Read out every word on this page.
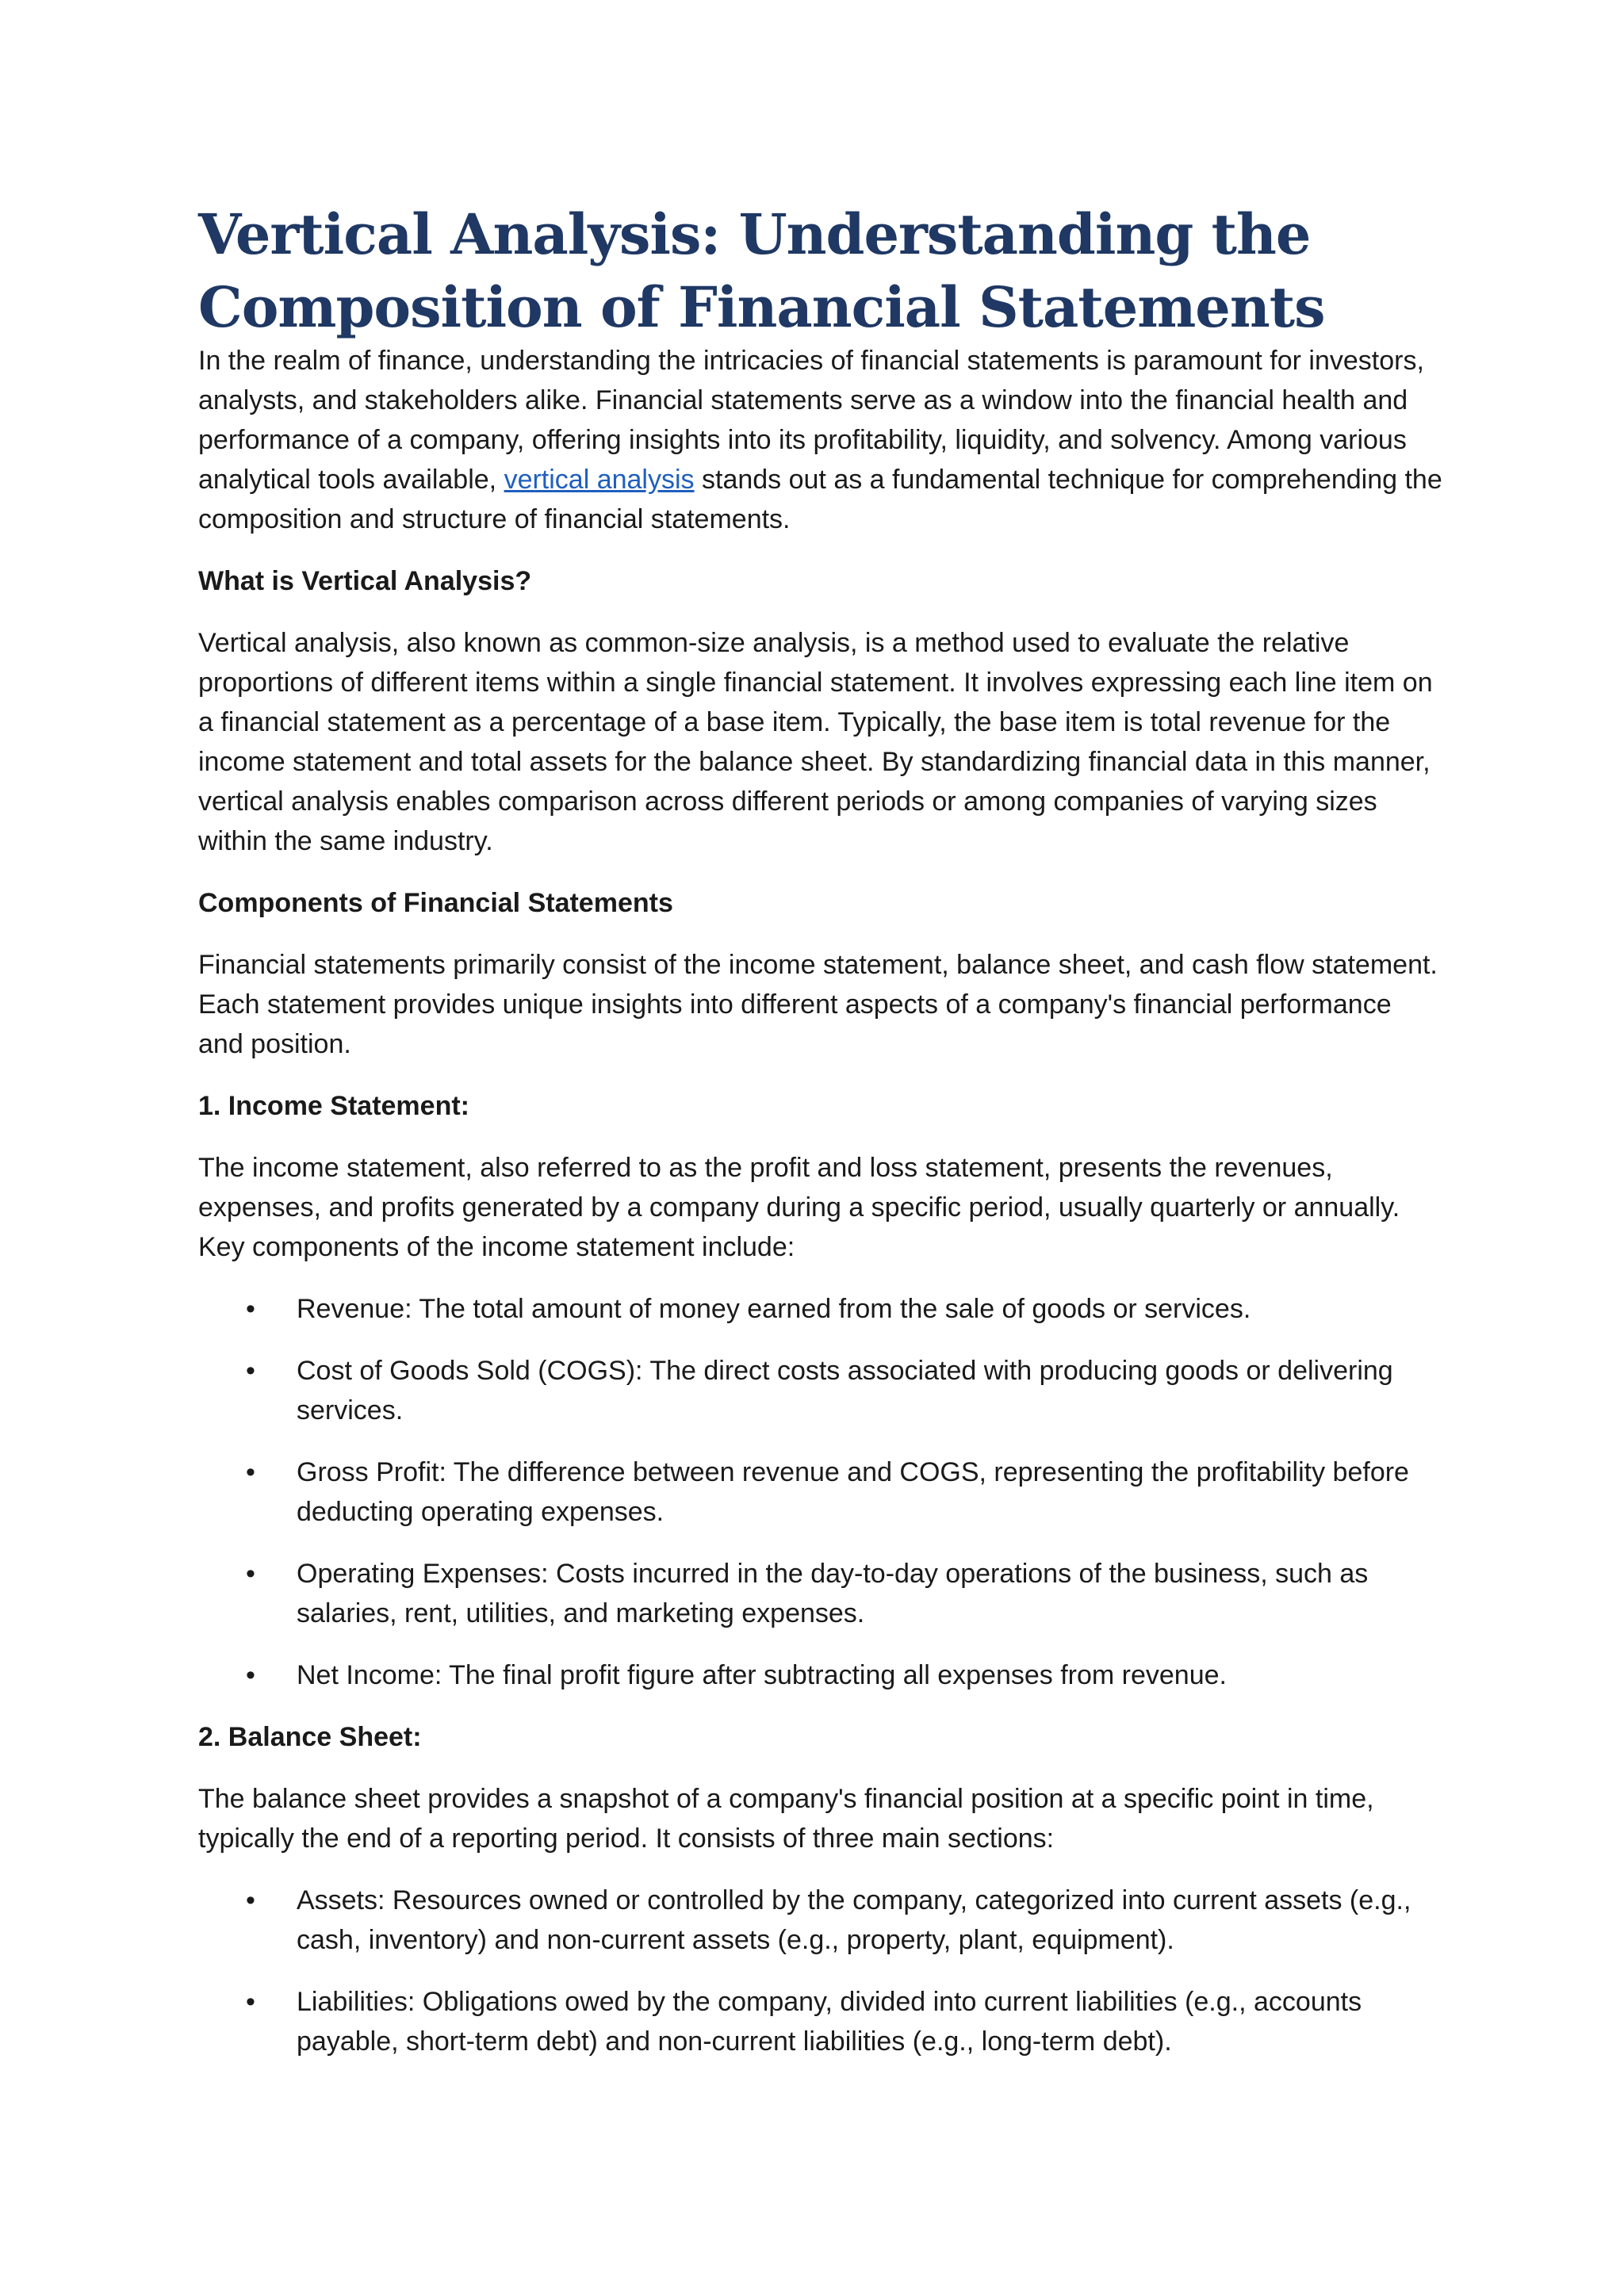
Vertical Analysis: Understanding the Composition of Financial Statements

In the realm of finance, understanding the intricacies of financial statements is paramount for investors, analysts, and stakeholders alike. Financial statements serve as a window into the financial health and performance of a company, offering insights into its profitability, liquidity, and solvency. Among various analytical tools available, vertical analysis stands out as a fundamental technique for comprehending the composition and structure of financial statements.

What is Vertical Analysis?

Vertical analysis, also known as common-size analysis, is a method used to evaluate the relative proportions of different items within a single financial statement. It involves expressing each line item on a financial statement as a percentage of a base item. Typically, the base item is total revenue for the income statement and total assets for the balance sheet. By standardizing financial data in this manner, vertical analysis enables comparison across different periods or among companies of varying sizes within the same industry.

Components of Financial Statements

Financial statements primarily consist of the income statement, balance sheet, and cash flow statement. Each statement provides unique insights into different aspects of a company's financial performance and position.

1. Income Statement:

The income statement, also referred to as the profit and loss statement, presents the revenues, expenses, and profits generated by a company during a specific period, usually quarterly or annually. Key components of the income statement include:

• Revenue: The total amount of money earned from the sale of goods or services.
• Cost of Goods Sold (COGS): The direct costs associated with producing goods or delivering services.
• Gross Profit: The difference between revenue and COGS, representing the profitability before deducting operating expenses.
• Operating Expenses: Costs incurred in the day-to-day operations of the business, such as salaries, rent, utilities, and marketing expenses.
• Net Income: The final profit figure after subtracting all expenses from revenue.
2. Balance Sheet:

The balance sheet provides a snapshot of a company's financial position at a specific point in time, typically the end of a reporting period. It consists of three main sections:

• Assets: Resources owned or controlled by the company, categorized into current assets (e.g., cash, inventory) and non-current assets (e.g., property, plant, equipment).
• Liabilities: Obligations owed by the company, divided into current liabilities (e.g., accounts payable, short-term debt) and non-current liabilities (e.g., long-term debt).
